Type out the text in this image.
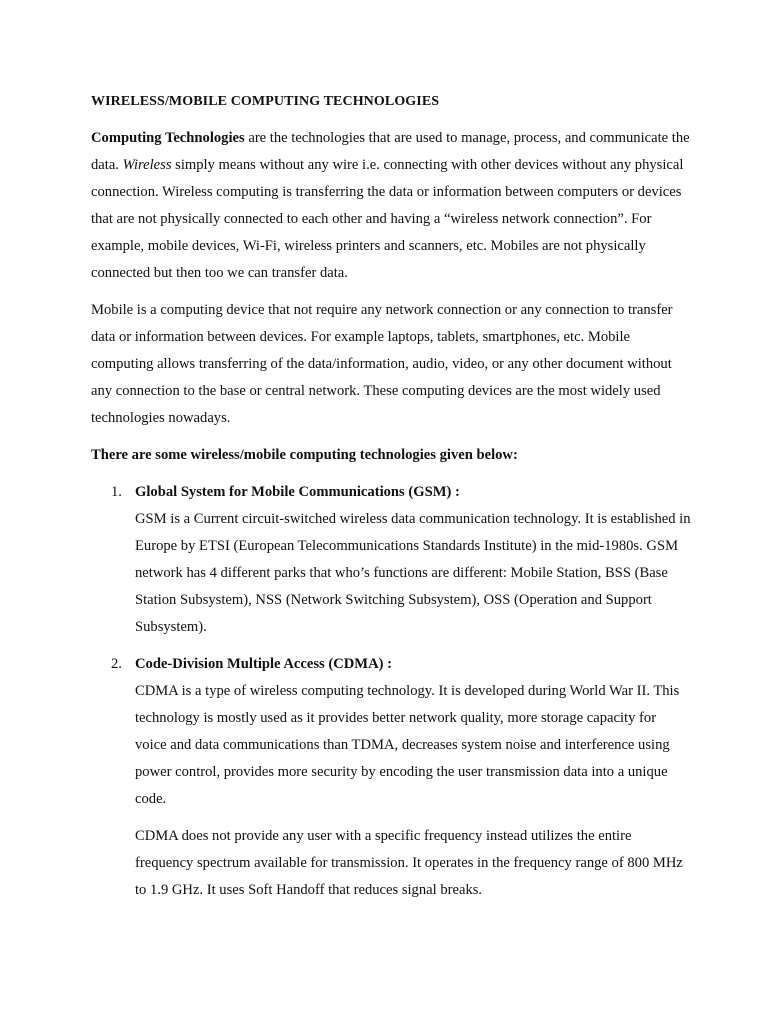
WIRELESS/MOBILE COMPUTING TECHNOLOGIES

Computing Technologies are the technologies that are used to manage, process, and communicate the data. Wireless simply means without any wire i.e. connecting with other devices without any physical connection. Wireless computing is transferring the data or information between computers or devices that are not physically connected to each other and having a “wireless network connection”. For example, mobile devices, Wi-Fi, wireless printers and scanners, etc. Mobiles are not physically connected but then too we can transfer data.

Mobile is a computing device that not require any network connection or any connection to transfer data or information between devices. For example laptops, tablets, smartphones, etc. Mobile computing allows transferring of the data/information, audio, video, or any other document without any connection to the base or central network. These computing devices are the most widely used technologies nowadays.

There are some wireless/mobile computing technologies given below:
1. Global System for Mobile Communications (GSM) :

GSM is a Current circuit-switched wireless data communication technology. It is established in Europe by ETSI (European Telecommunications Standards Institute) in the mid-1980s. GSM network has 4 different parks that who’s functions are different: Mobile Station, BSS (Base Station Subsystem), NSS (Network Switching Subsystem), OSS (Operation and Support Subsystem).

2. Code-Division Multiple Access (CDMA) :

CDMA is a type of wireless computing technology. It is developed during World War II. This technology is mostly used as it provides better network quality, more storage capacity for voice and data communications than TDMA, decreases system noise and interference using power control, provides more security by encoding the user transmission data into a unique code.

CDMA does not provide any user with a specific frequency instead utilizes the entire frequency spectrum available for transmission. It operates in the frequency range of 800 MHz to 1.9 GHz. It uses Soft Handoff that reduces signal breaks.
